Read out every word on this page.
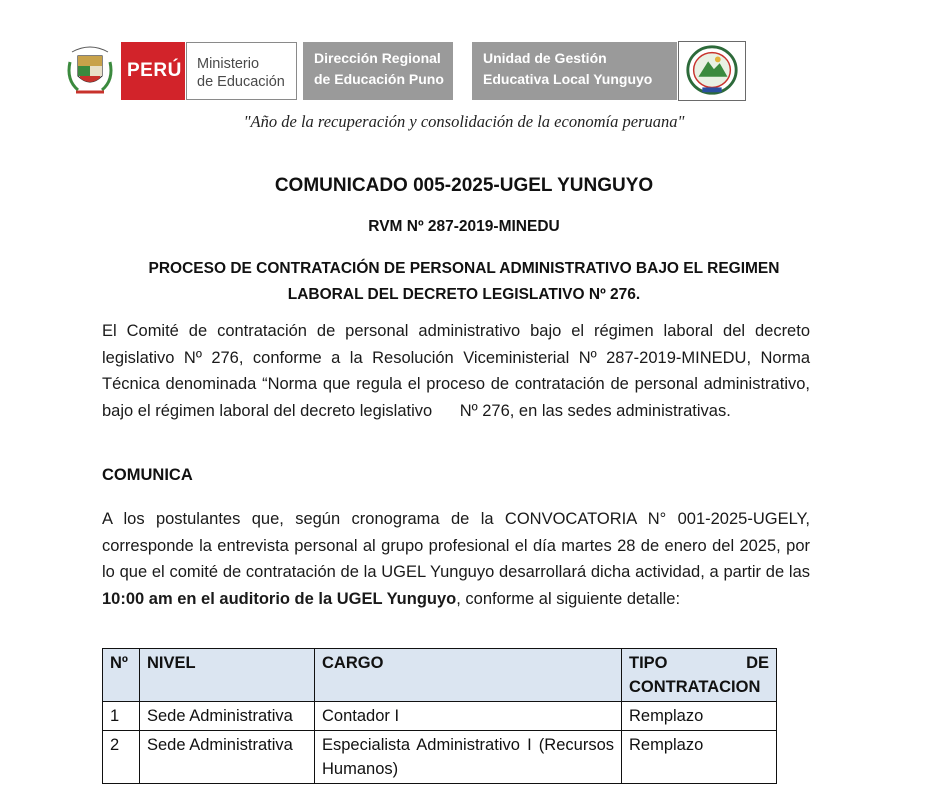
PERÚ Ministerio
de Educación
Dirección Regional
de Educación Puno
Unidad de Gestión
Educativa Local Yunguyo
"Año de la recuperación y consolidación de la economía peruana"
COMUNICADO 005-2025-UGEL YUNGUYO
RVM Nº 287-2019-MINEDU
PROCESO DE CONTRATACIÓN DE PERSONAL ADMINISTRATIVO BAJO EL REGIMEN LABORAL DEL DECRETO LEGISLATIVO Nº 276.
El Comité de contratación de personal administrativo bajo el régimen laboral del decreto legislativo Nº 276, conforme a la Resolución Viceministerial Nº 287-2019-MINEDU, Norma Técnica denominada “Norma que regula el proceso de contratación de personal administrativo, bajo el régimen laboral del decreto legislativo      Nº 276, en las sedes administrativas.
COMUNICA
A los postulantes que, según cronograma de la CONVOCATORIA N° 001-2025-UGELY, corresponde la entrevista personal al grupo profesional el día martes 28 de enero del 2025, por lo que el comité de contratación de la UGEL Yunguyo desarrollará dicha actividad, a partir de las 10:00 am en el auditorio de la UGEL Yunguyo, conforme al siguiente detalle:
Nº	NIVEL	CARGO	TIPO DE CONTRATACION
1	Sede Administrativa	Contador I	Remplazo
2	Sede Administrativa	Especialista Administrativo I (Recursos Humanos)	Remplazo
